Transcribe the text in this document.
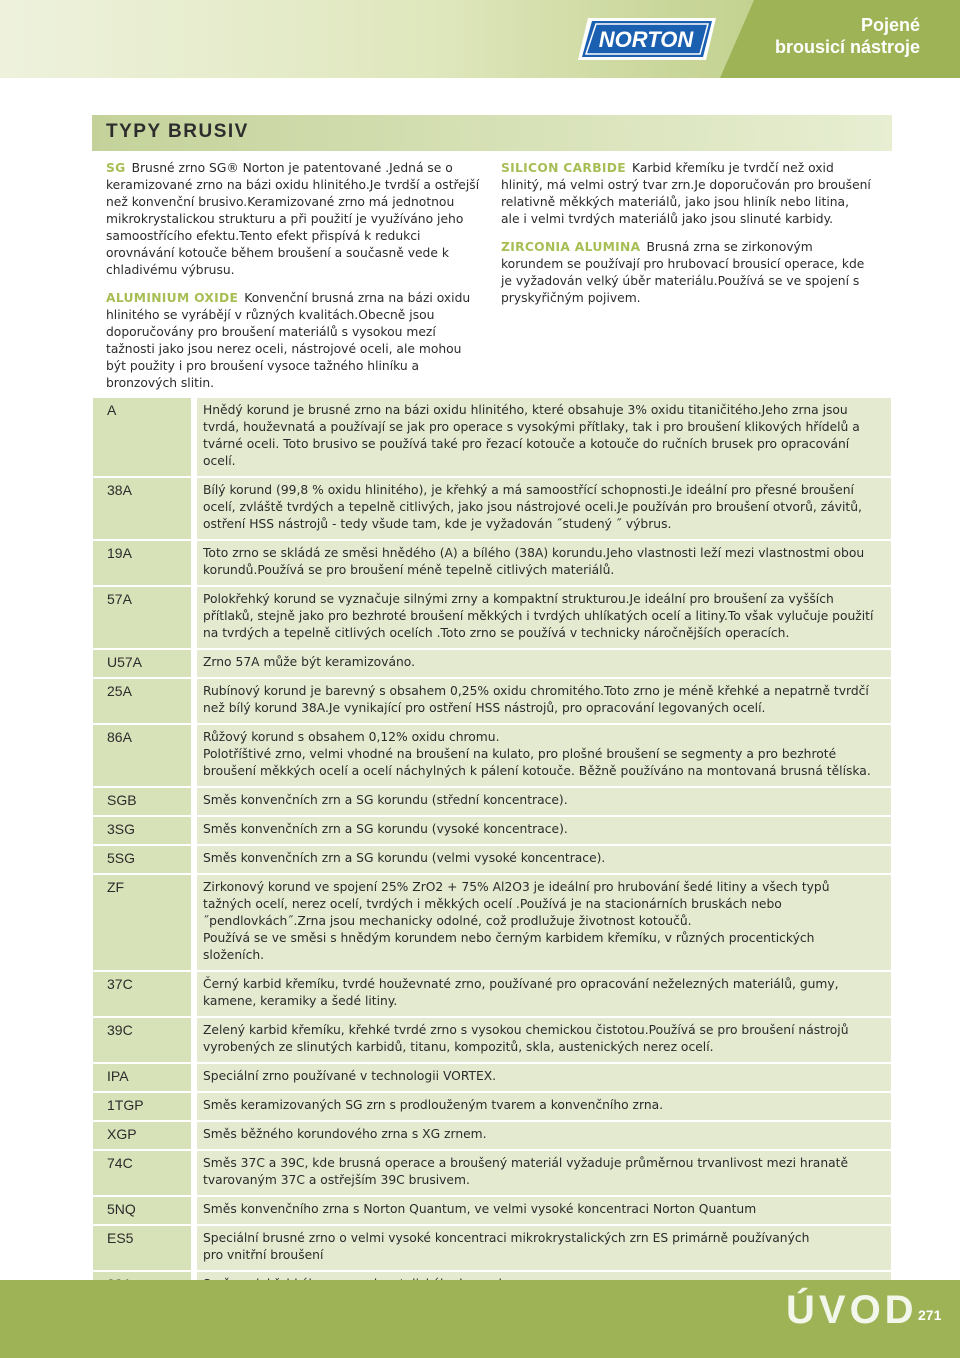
NORTON
Pojené
brousicí nástroje
TYPY BRUSIV

SG Brusné zrno SG® Norton je patentované .Jedná se o keramizované zrno na bázi oxidu hlinitého.Je tvrdší a ostřejší než konvenční brusivo.Keramizované zrno má jednotnou mikrokrystalickou strukturu a při použití je využíváno jeho samoostřícího efektu.Tento efekt přispívá k redukci orovnávání kotouče během broušení a současně vede k chladivému výbrusu.

ALUMINIUM OXIDE Konvenční brusná zrna na bázi oxidu hlinitého se vyrábějí v různých kvalitách.Obecně jsou doporučovány pro broušení materiálů s vysokou mezí tažnosti jako jsou nerez oceli, nástrojové oceli, ale mohou být použity i pro broušení vysoce tažného hliníku a bronzových slitin.

SILICON CARBIDE Karbid křemíku je tvrdčí než oxid hlinitý, má velmi ostrý tvar zrn.Je doporučován pro broušení relativně měkkých materiálů, jako jsou hliník nebo litina, ale i velmi tvrdých materiálů jako jsou slinuté karbidy.

ZIRCONIA ALUMINA Brusná zrna se zirkonovým korundem se používají pro hrubovací brousicí operace, kde je vyžadován velký úběr materiálu.Používá se ve spojení s pryskyřičným pojivem.

A		Hnědý korund je brusné zrno na bázi oxidu hlinitého, které obsahuje 3% oxidu titaničitého.Jeho zrna jsou tvrdá, houževnatá a používají se jak pro operace s vysokými přítlaky, tak i pro broušení klikových hřídelů a tvárné oceli. Toto brusivo se používá také pro řezací kotouče a kotouče do ručních brusek pro opracování ocelí.
38A		Bílý korund (99,8 % oxidu hlinitého), je křehký a má samoostřící schopnosti.Je ideální pro přesné broušení ocelí, zvláště tvrdých a tepelně citlivých, jako jsou nástrojové oceli.Je používán pro broušení otvorů, závitů, ostření HSS nástrojů - tedy všude tam, kde je vyžadován ˝studený ˝ výbrus.
19A		Toto zrno se skládá ze směsi hnědého (A) a bílého (38A) korundu.Jeho vlastnosti leží mezi vlastnostmi obou korundů.Používá se pro broušení méně tepelně citlivých materiálů.
57A		Polokřehký korund se vyznačuje silnými zrny a kompaktní strukturou.Je ideální pro broušení za vyšších přítlaků, stejně jako pro bezhroté broušení měkkých i tvrdých uhlíkatých ocelí a litiny.To však vylučuje použití na tvrdých a tepelně citlivých ocelích .Toto zrno se používá v technicky náročnějších operacích.
U57A		Zrno 57A může být keramizováno.
25A		Rubínový korund je barevný s obsahem 0,25% oxidu chromitého.Toto zrno je méně křehké a nepatrně tvrdčí než bílý korund 38A.Je vynikající pro ostření HSS nástrojů, pro opracování legovaných ocelí.
86A		Růžový korund s obsahem 0,12% oxidu chromu.
Polotříštivé zrno, velmi vhodné na broušení na kulato, pro plošné broušení se segmenty a pro bezhroté broušení měkkých ocelí a ocelí náchylných k pálení kotouče. Běžně používáno na montovaná brusná tělíska.
SGB		Směs konvenčních zrn a SG korundu (střední koncentrace).
3SG		Směs konvenčních zrn a SG korundu (vysoké koncentrace).
5SG		Směs konvenčních zrn a SG korundu (velmi vysoké koncentrace).
ZF		Zirkonový korund ve spojení 25% ZrO2 + 75% Al2O3 je ideální pro hrubování šedé litiny a všech typů tažných ocelí, nerez ocelí, tvrdých i měkkých ocelí .Používá je na stacionárních bruskách nebo ˝pendlovkách˝.Zrna jsou mechanicky odolné, což prodlužuje životnost kotoučů.
Používá se ve směsi s hnědým korundem nebo černým karbidem křemíku, v různých procentických složeních.
37C		Černý karbid křemíku, tvrdé houževnaté zrno, používané pro opracování neželezných materiálů, gumy, kamene, keramiky a šedé litiny.
39C		Zelený karbid křemíku, křehké tvrdé zrno s vysokou chemickou čistotou.Používá se pro broušení nástrojů vyrobených ze slinutých karbidů, titanu, kompozitů, skla, austenických nerez ocelí.
IPA		Speciální zrno používané v technologii VORTEX.
1TGP		Směs keramizovaných SG zrn s prodlouženým tvarem a konvenčního zrna.
XGP		Směs běžného korundového zrna s XG zrnem.
74C		Směs 37C a 39C, kde brusná operace a broušený materiál vyžaduje průměrnou trvanlivost mezi hranatě tvarovaným 37C a ostřejším 39C brusivem.
5NQ		Směs konvenčního zrna s Norton Quantum, ve velmi vysoké koncentraci Norton Quantum
ES5		Speciální brusné zrno o velmi vysoké koncentraci mikrokrystalických zrn ES primárně používaných
pro vnitřní broušení

ÚVOD 271
